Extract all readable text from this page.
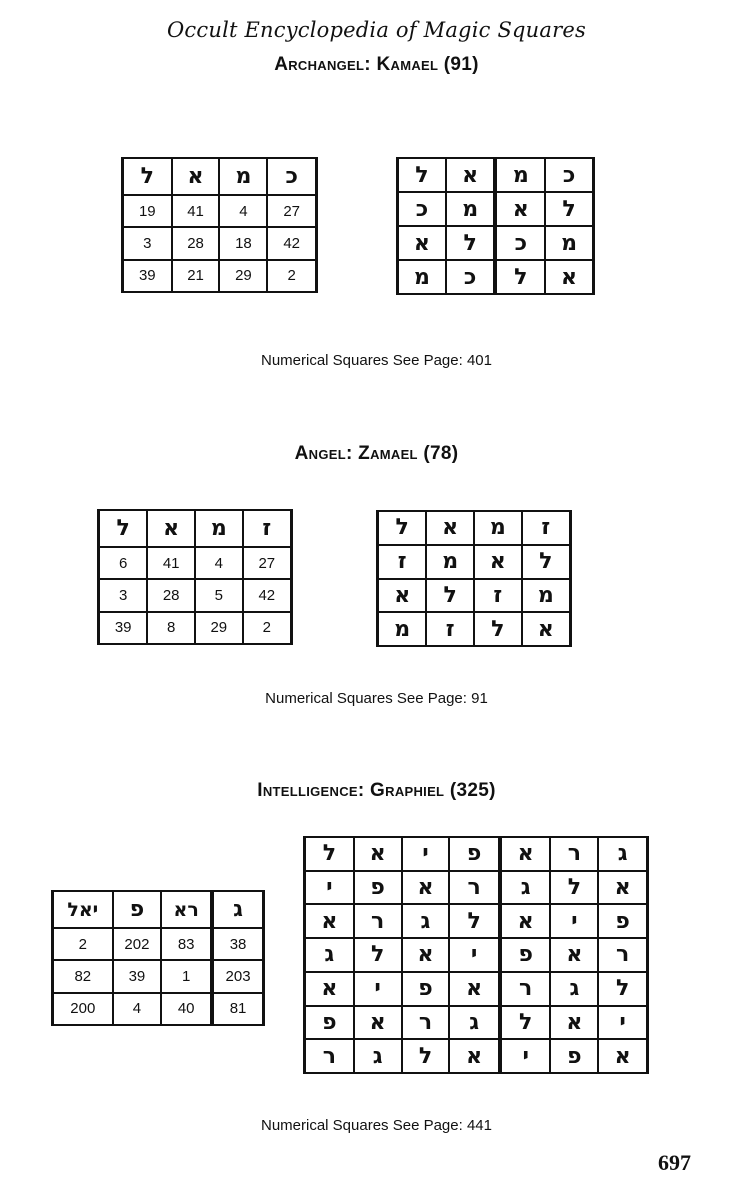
Occult Encyclopedia of Magic Squares
Archangel: Kamael (91)
ל	א	מ	כ
19	41	4	27
3	28	18	42
39	21	29	2
ל	א	מ	כ
כ	מ	א	ל
א	ל	כ	מ
מ	כ	ל	א
Numerical Squares See Page: 401
Angel: Zamael (78)
ל	א	מ	ז
6	41	4	27
3	28	5	42
39	8	29	2
ל	א	מ	ז
ז	מ	א	ל
א	ל	ז	מ
מ	ז	ל	א
Numerical Squares See Page: 91
Intelligence: Graphiel (325)
יאל	פ	רא	ג
2	202	83	38
82	39	1	203
200	4	40	81
ל	א	י	פ	א	ר	ג
י	פ	א	ר	ג	ל	א
א	ר	ג	ל	א	י	פ
ג	ל	א	י	פ	א	ר
א	י	פ	א	ר	ג	ל
פ	א	ר	ג	ל	א	י
ר	ג	ל	א	י	פ	א
Numerical Squares See Page: 441
697
